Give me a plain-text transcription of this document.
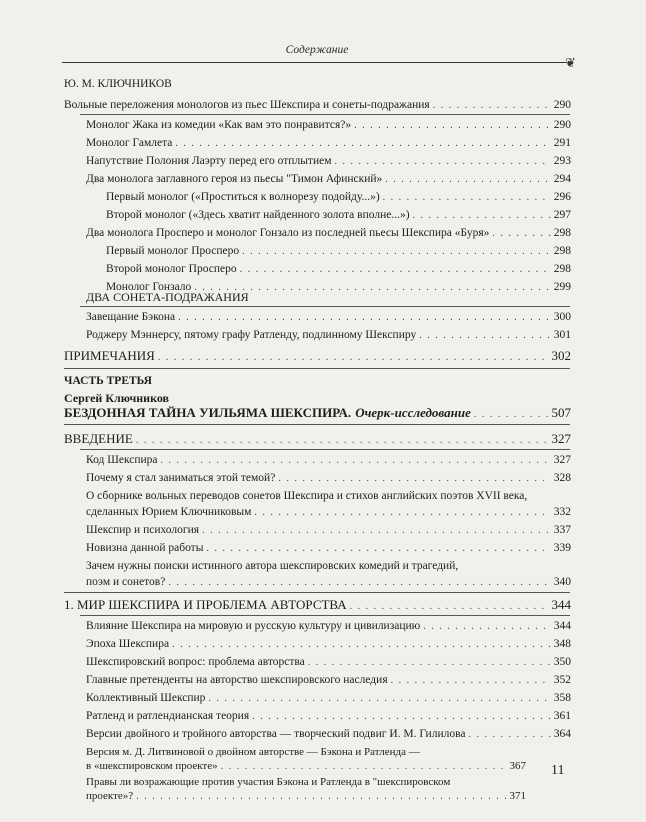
Содержание
❦
Ю. М. КЛЮЧНИКОВ
Вольные переложения монологов из пьес Шекспира и сонеты-подражания . . .	290
Монолог Жака из комедии «Как вам это понравится?» . . .	290
Монолог Гамлета . . .	291
Напутствие Полония Лаэрту перед его отплытием . . .	293
Два монолога заглавного героя из пьесы "Тимон Афинский» . . .	294
Первый монолог («Проститься к волнорезу подойду...») . . .	296
Второй монолог («Здесь хватит найденного золота вполне...») . . .	297
Два монолога Просперо и монолог Гонзало из последней пьесы Шекспира «Буря» . . .	298
Первый монолог Просперо . . .	298
Второй монолог Просперо . . .	298
Монолог Гонзало . . .	299
ДВА СОНЕТА-ПОДРАЖАНИЯ
Завещание Бэкона . . .	300
Роджеру Мэннерсу, пятому графу Ратленду, подлинному Шекспиру . . .	301
ПРИМЕЧАНИЯ . . .	302
ЧАСТЬ ТРЕТЬЯ
Сергей Ключников
БЕЗДОННАЯ ТАЙНА УИЛЬЯМА ШЕКСПИРА. Очерк-исследование . . .	507
ВВЕДЕНИЕ . . .	327
Код Шекспира . . .	327
Почему я стал заниматься этой темой? . . .	328
О сборнике вольных переводов сонетов Шекспира и стихов английских поэтов XVII века,
сделанных Юрием Ключниковым . . .	332
Шекспир и психология . . .	337
Новизна данной работы . . .	339
Зачем нужны поиски истинного автора шекспировских комедий и трагедий,
поэм и сонетов? . . .	340
1. МИР ШЕКСПИРА И ПРОБЛЕМА АВТОРСТВА . . .	344
Влияние Шекспира на мировую и русскую культуру и цивилизацию . . .	344
Эпоха Шекспира . . .	348
Шекспировский вопрос: проблема авторства . . .	350
Главные претенденты на авторство шекспировского наследия . . .	352
Коллективный Шекспир . . .	358
Ратленд и ратлендианская теория . . .	361
Версии двойного и тройного авторства — творческий подвиг И. М. Гилилова . . .	364
11
Версия м. Д. Литвиновой о двойном авторстве — Бэкона и Ратленда —
в «шекспировском проекте» . . .	367
Правы ли возражающие против участия Бэкона и Ратленда в "шекспировском
проекте»? . . .	371
